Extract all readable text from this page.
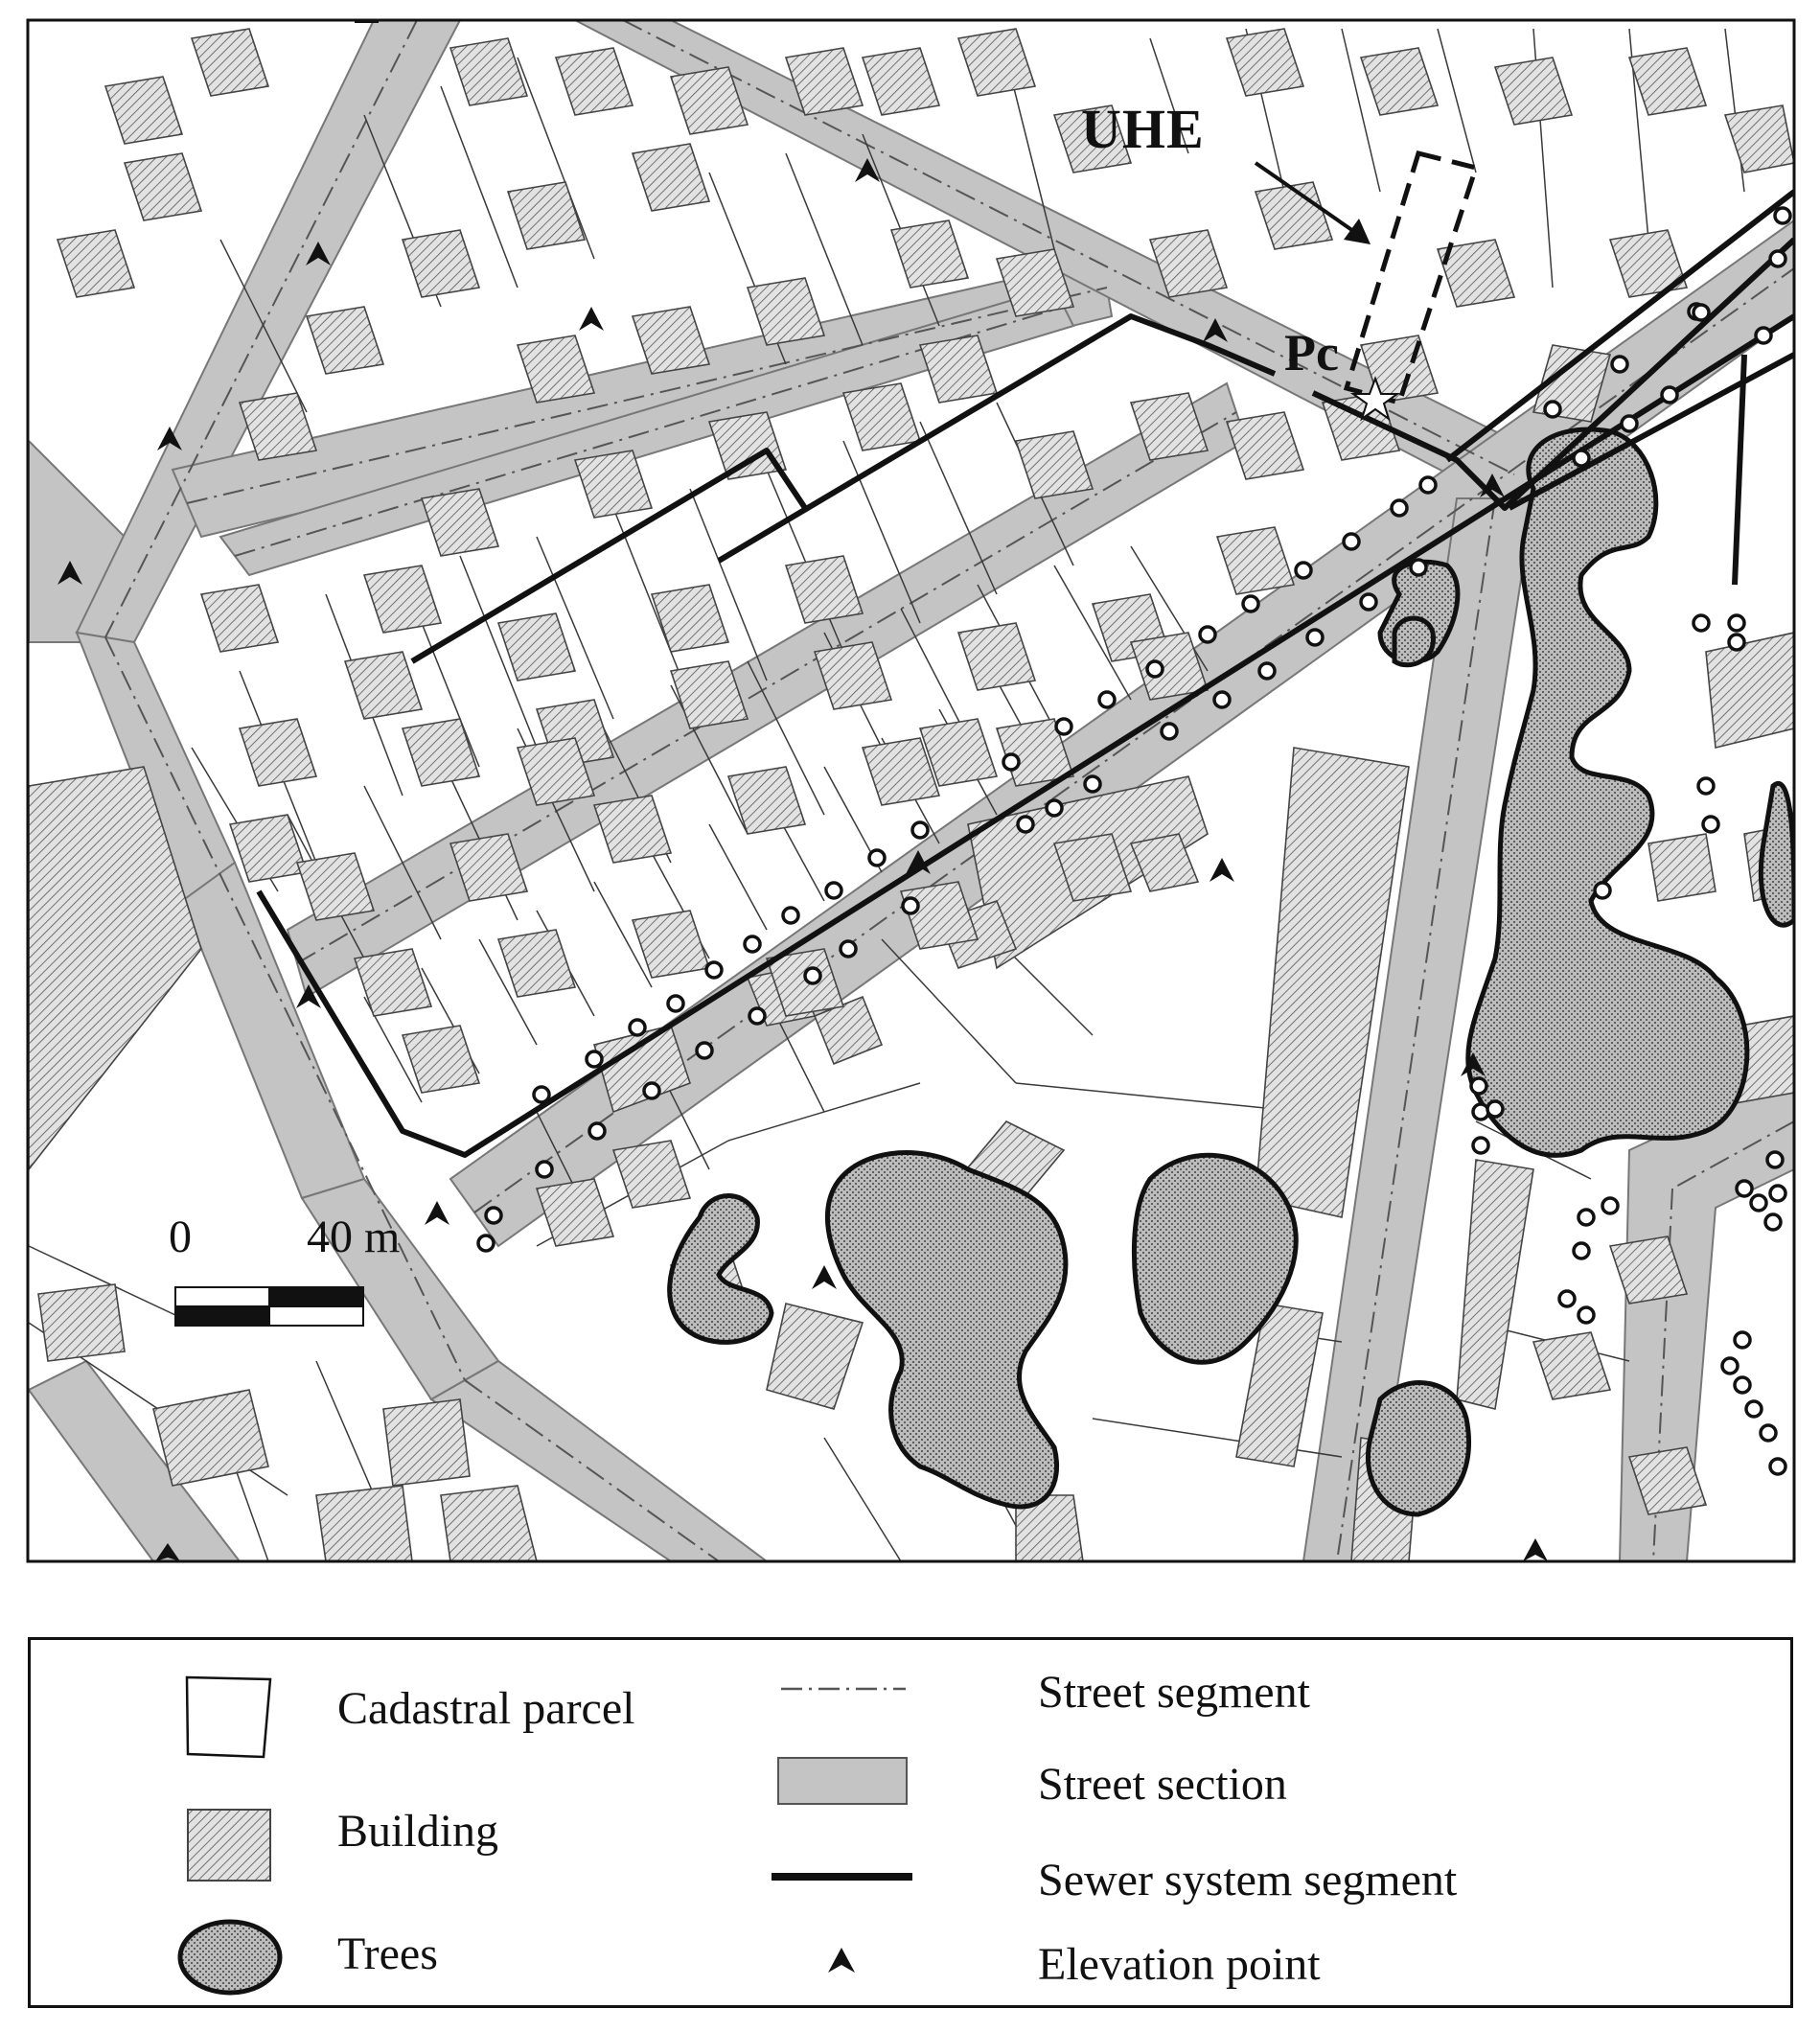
UHE
Pc
0	40 m
Cadastral parcel
Building
Trees
Street segment
Street section
Sewer system segment
Elevation point
